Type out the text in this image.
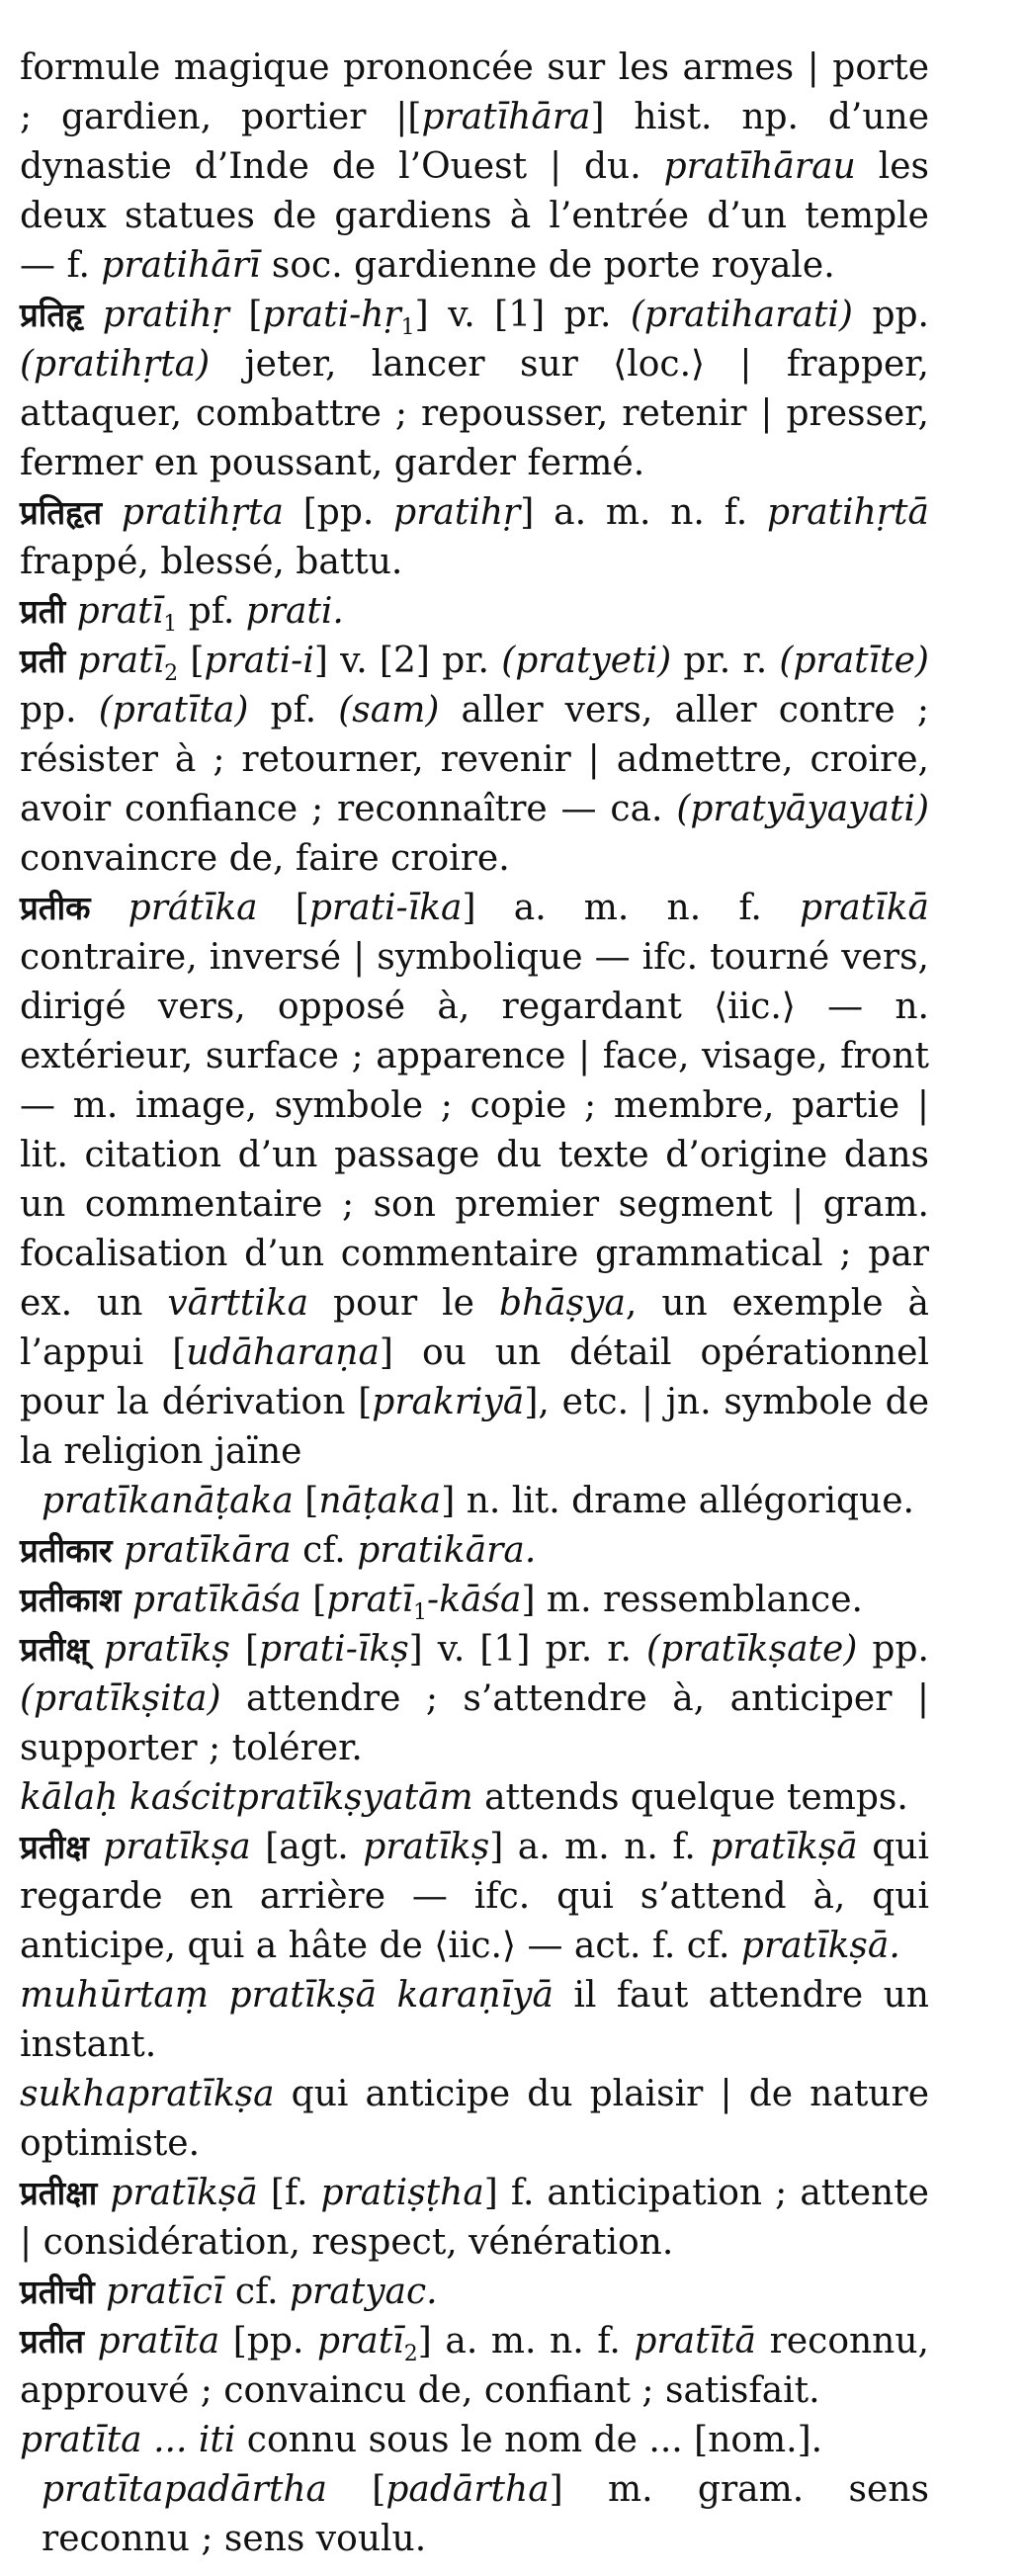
formule magique prononcée sur les armes | porte ; gardien, portier |[pratīhāra] hist. np. d’une dynastie d’Inde de l’Ouest | du. pratīhārau les deux statues de gardiens à l’entrée d’un temple — f. pratihārī soc. gardienne de porte royale.

प्रतिहृ pratihṛ [prati-hṛ$_1$] v. [1] pr. (pratiharati) pp. (pratihṛta) jeter, lancer sur ⟨loc.⟩ | frapper, attaquer, combattre ; repousser, retenir | presser, fermer en poussant, garder fermé.

प्रतिहृत pratihṛta [pp. pratihṛ] a. m. n. f. pratihṛtā frappé, blessé, battu.

प्रती pratī$_1$ pf. prati.

प्रती pratī$_2$ [prati-i] v. [2] pr. (pratyeti) pr. r. (pratīte) pp. (pratīta) pf. (sam) aller vers, aller contre ; résister à ; retourner, revenir | admettre, croire, avoir confiance ; reconnaître — ca. (pratyāyayati) convaincre de, faire croire.

प्रतीक prátīka [prati-īka] a. m. n. f. pratīkā contraire, inversé | symbolique — ifc. tourné vers, dirigé vers, opposé à, regardant ⟨iic.⟩ — n. extérieur, surface ; apparence | face, visage, front — m. image, symbole ; copie ; membre, partie | lit. citation d’un passage du texte d’origine dans un commentaire ; son premier segment | gram. focalisation d’un commentaire grammatical ; par ex. un vārttika pour le bhāṣya, un exemple à l’appui [udāharaṇa] ou un détail opérationnel pour la dérivation [prakriyā], etc. | jn. symbole de la religion jaïne

pratīkanāṭaka [nāṭaka] n. lit. drame allégorique.

प्रतीकार pratīkāra cf. pratikāra.

प्रतीकाश pratīkāśa [pratī$_1$-kāśa] m. ressemblance.

प्रतीक्ष् pratīkṣ [prati-īkṣ] v. [1] pr. r. (pratīkṣate) pp. (pratīkṣita) attendre ; s’attendre à, anticiper | supporter ; tolérer.

kālaḥ kaścitpratīkṣyatām attends quelque temps.

प्रतीक्ष pratīkṣa [agt. pratīkṣ] a. m. n. f. pratīkṣā qui regarde en arrière — ifc. qui s’attend à, qui anticipe, qui a hâte de ⟨iic.⟩ — act. f. cf. pratīkṣā.

muhūrtaṃ pratīkṣā karaṇīyā il faut attendre un instant.

sukhapratīkṣa qui anticipe du plaisir | de nature optimiste.

प्रतीक्षा pratīkṣā [f. pratiṣṭha] f. anticipation ; attente | considération, respect, vénération.

प्रतीची pratīcī cf. pratyac.

प्रतीत pratīta [pp. pratī$_2$] a. m. n. f. pratītā reconnu, approuvé ; convaincu de, confiant ; satisfait.

pratīta ... iti connu sous le nom de ... [nom.].

pratītapadārtha [padārtha] m. gram. sens reconnu ; sens voulu.
